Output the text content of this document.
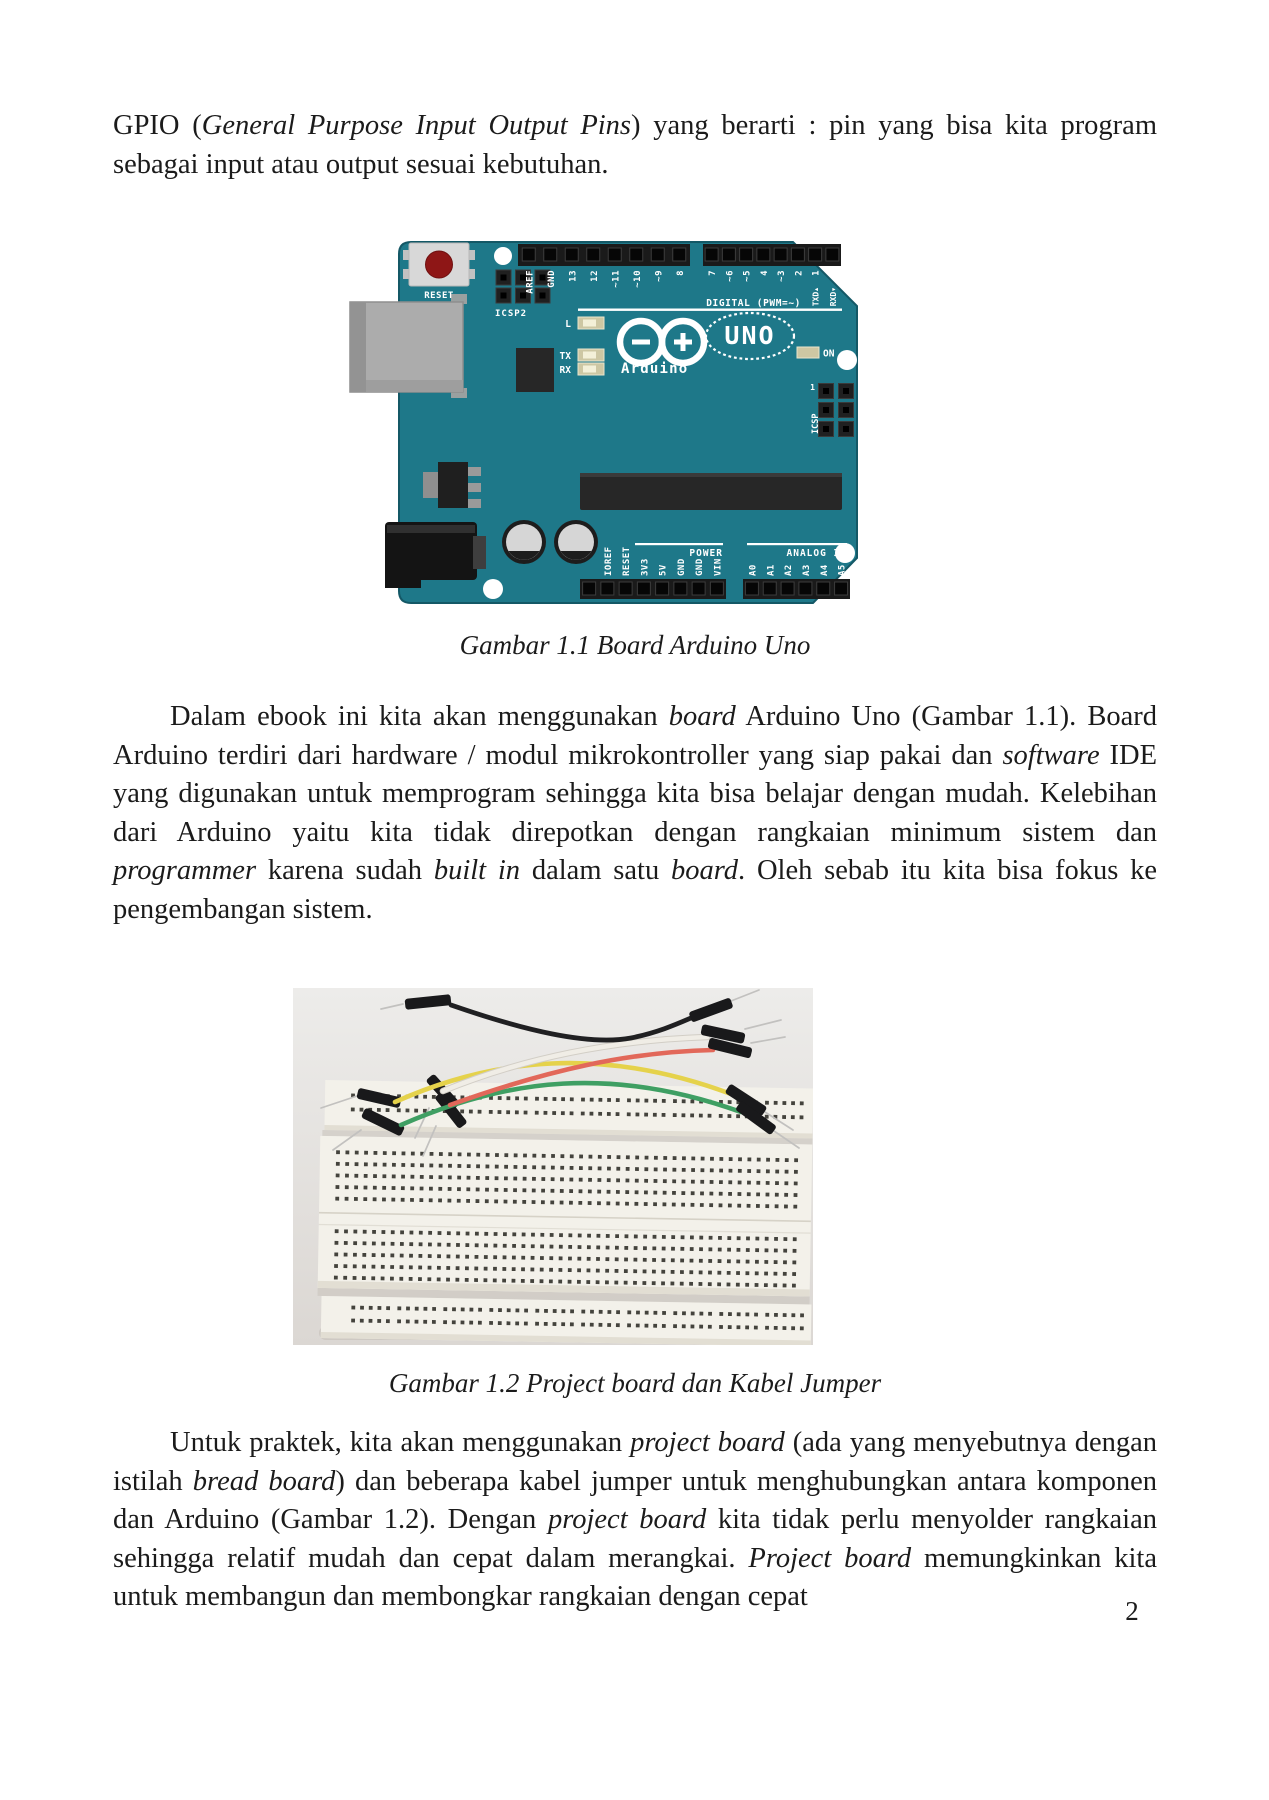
GPIO (General Purpose Input Output Pins) yang berarti : pin yang bisa kita program sebagai input atau output sesuai kebutuhan.

RESET
ICSP2
AREF GND 13 12 ~11 ~10 ~9 8 7 ~6 ~5 4 ~3 2 1
TXD▴
0
RXD▾
DIGITAL (PWM=~)
L
TX
RX
ON
Arduino™
UNO
ICSP
1
IOREF RESET 3V3 5V GND GND VIN	A0 A1 A2 A3 A4 A5
POWER	ANALOG IN

Gambar 1.1 Board Arduino Uno

Dalam ebook ini kita akan menggunakan board Arduino Uno (Gambar 1.1). Board Arduino terdiri dari hardware / modul mikrokontroller yang siap pakai dan software IDE yang digunakan untuk memprogram sehingga kita bisa belajar dengan mudah. Kelebihan dari Arduino yaitu kita tidak direpotkan dengan rangkaian minimum sistem dan programmer karena sudah built in dalam satu board. Oleh sebab itu kita bisa fokus ke pengembangan sistem.

Gambar 1.2 Project board dan Kabel Jumper

Untuk praktek, kita akan menggunakan project board (ada yang menyebutnya dengan istilah bread board) dan beberapa kabel jumper untuk menghubungkan antara komponen dan Arduino (Gambar 1.2). Dengan project board kita tidak perlu menyolder rangkaian sehingga relatif mudah dan cepat dalam merangkai. Project board memungkinkan kita untuk membangun dan membongkar rangkaian dengan cepat	2
